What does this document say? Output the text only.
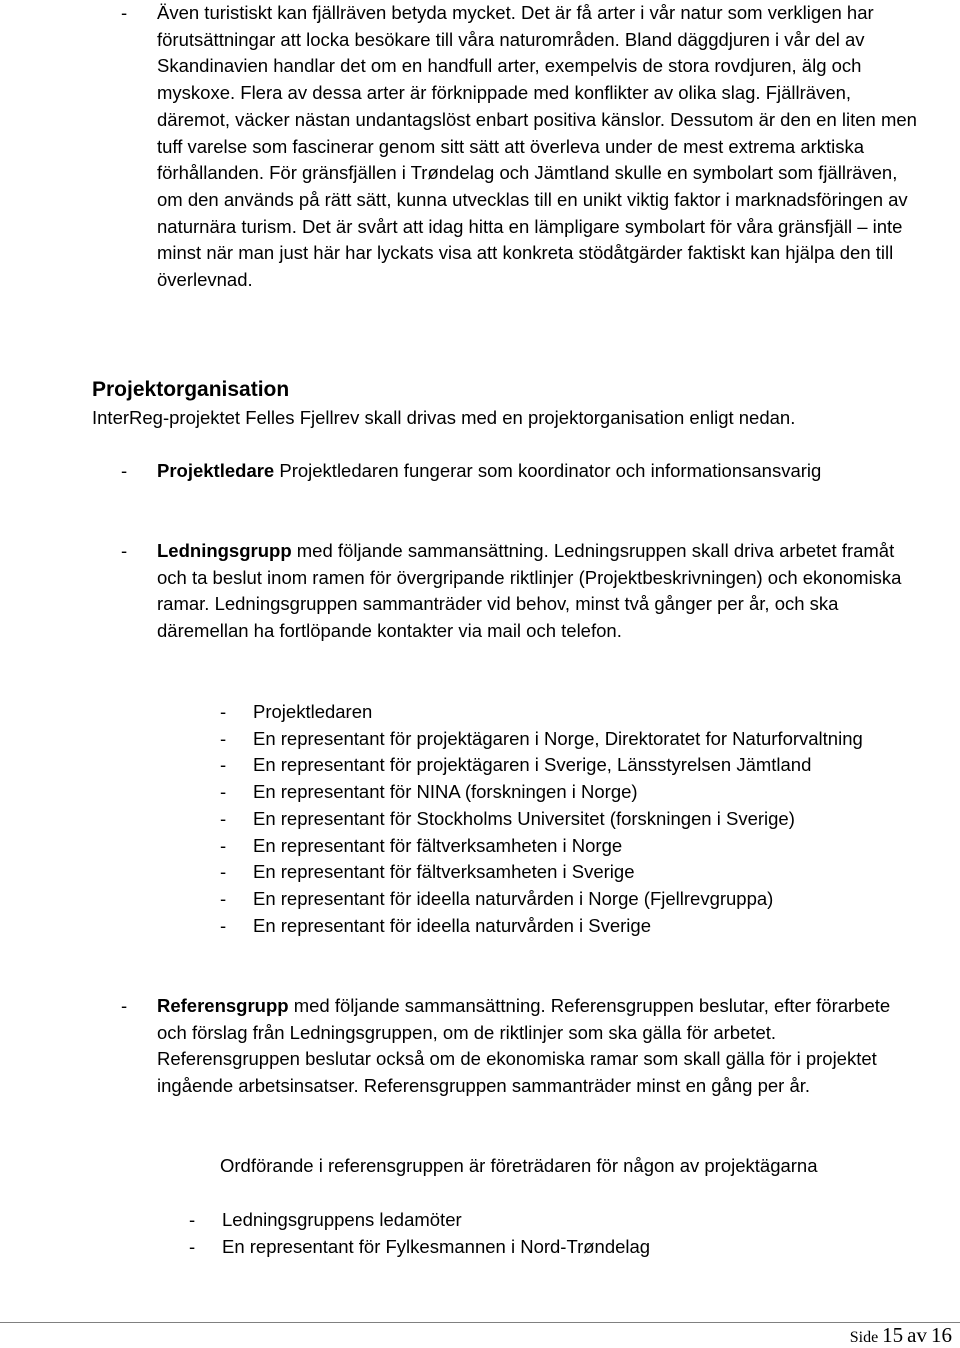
- Även turistiskt kan fjällräven betyda mycket. Det är få arter i vår natur som verkligen har förutsättningar att locka besökare till våra naturområden. Bland däggdjuren i vår del av Skandinavien handlar det om en handfull arter, exempelvis de stora rovdjuren, älg och myskoxe. Flera av dessa arter är förknippade med konflikter av olika slag. Fjällräven, däremot, väcker nästan undantagslöst enbart positiva känslor. Dessutom är den en liten men tuff varelse som fascinerar genom sitt sätt att överleva under de mest extrema arktiska förhållanden. För gränsfjällen i Trøndelag och Jämtland skulle en symbolart som fjällräven, om den används på rätt sätt, kunna utvecklas till en unikt viktig faktor i marknadsföringen av naturnära turism. Det är svårt att idag hitta en lämpligare symbolart för våra gränsfjäll – inte minst när man just här har lyckats visa att konkreta stödåtgärder faktiskt kan hjälpa den till överlevnad.
Projektorganisation
InterReg-projektet Felles Fjellrev skall drivas med en projektorganisation enligt nedan.
- Projektledare Projektledaren fungerar som koordinator och informationsansvarig
- Ledningsgrupp med följande sammansättning. Ledningsruppen skall driva arbetet framåt och ta beslut inom ramen för övergripande riktlinjer (Projektbeskrivningen) och ekonomiska ramar. Ledningsgruppen sammanträder vid behov, minst två gånger per år, och ska däremellan ha fortlöpande kontakter via mail och telefon.
- Projektledaren
- En representant för projektägaren i Norge, Direktoratet for Naturforvaltning
- En representant för projektägaren i Sverige, Länsstyrelsen Jämtland
- En representant för NINA (forskningen i Norge)
- En representant för Stockholms Universitet (forskningen i Sverige)
- En representant för fältverksamheten i Norge
- En representant för fältverksamheten i Sverige
- En representant för ideella naturvården i Norge (Fjellrevgruppa)
- En representant för ideella naturvården i Sverige
- Referensgrupp med följande sammansättning. Referensgruppen beslutar, efter förarbete och förslag från Ledningsgruppen, om de riktlinjer som ska gälla för arbetet. Referensgruppen beslutar också om de ekonomiska ramar som skall gälla för i projektet ingående arbetsinsatser. Referensgruppen sammanträder minst en gång per år.
Ordförande i referensgruppen är företrädaren för någon av projektägarna
- Ledningsgruppens ledamöter
- En representant för Fylkesmannen i Nord-Trøndelag
Side 15 av 16
